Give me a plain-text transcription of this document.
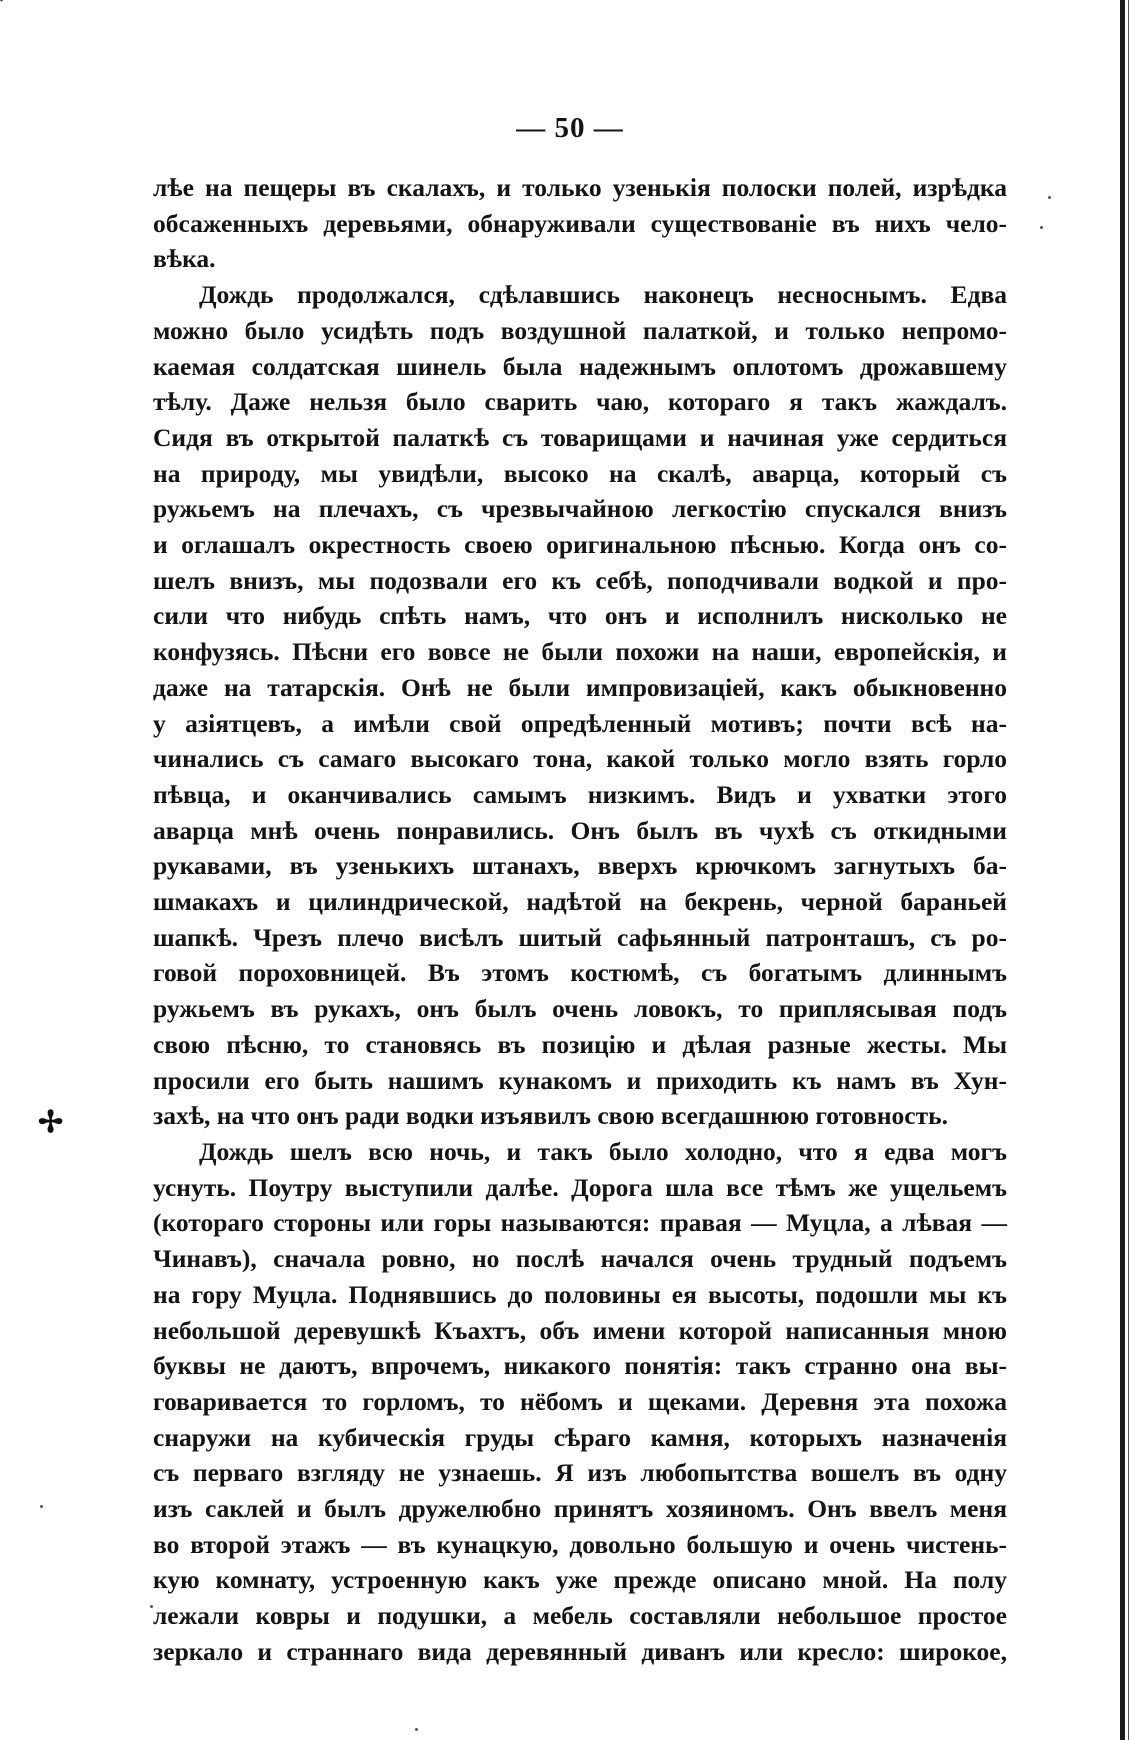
— 50 —
✢
лѣе на пещеры въ скалахъ, и только узенькія полоски полей, изрѣдка
обсаженныхъ деревьями, обнаруживали существованіе въ нихъ чело-
вѣка.
Дождь продолжался, сдѣлавшись наконецъ несноснымъ. Едва
можно было усидѣть подъ воздушной палаткой, и только непромо-
каемая солдатская шинель была надежнымъ оплотомъ дрожавшему
тѣлу. Даже нельзя было сварить чаю, котораго я такъ жаждалъ.
Сидя въ открытой палаткѣ съ товарищами и начиная уже сердиться
на природу, мы увидѣли, высоко на скалѣ, аварца, который съ
ружьемъ на плечахъ, съ чрезвычайною легкостію спускался внизъ
и оглашалъ окрестность своею оригинальною пѣснью. Когда онъ со-
шелъ внизъ, мы подозвали его къ себѣ, поподчивали водкой и про-
сили что нибудь спѣть намъ, что онъ и исполнилъ нисколько не
конфузясь. Пѣсни его вовсе не были похожи на наши, европейскія, и
даже на татарскія. Онѣ не были импровизацiей, какъ обыкновенно
у азіятцевъ, а имѣли свой опредѣленный мотивъ; почти всѣ на-
чинались съ самаго высокаго тона, какой только могло взять горло
пѣвца, и оканчивались самымъ низкимъ. Видъ и ухватки этого
аварца мнѣ очень понравились. Онъ былъ въ чухѣ съ откидными
рукавами, въ узенькихъ штанахъ, вверхъ крючкомъ загнутыхъ ба-
шмакахъ и цилиндрической, надѣтой на бекрень, черной бараньей
шапкѣ. Чрезъ плечо висѣлъ шитый сафьянный патронташъ, съ ро-
говой пороховницей. Въ этомъ костюмѣ, съ богатымъ длиннымъ
ружьемъ въ рукахъ, онъ былъ очень ловокъ, то приплясывая подъ
свою пѣсню, то становясь въ позицію и дѣлая разные жесты. Мы
просили его быть нашимъ кунакомъ и приходить къ намъ въ Хун-
захѣ, на что онъ ради водки изъявилъ свою всегдашнюю готовность.
Дождь шелъ всю ночь, и такъ было холодно, что я едва могъ
уснуть. Поутру выступили далѣе. Дорога шла все тѣмъ же ущельемъ
(котораго стороны или горы называются: правая — Муцла, а лѣвая —
Чинавъ), сначала ровно, но послѣ начался очень трудный подъемъ
на гору Муцла. Поднявшись до половины ея высоты, подошли мы къ
небольшой деревушкѣ Къахтъ, объ имени которой написанныя мною
буквы не даютъ, впрочемъ, никакого понятія: такъ странно она вы-
говаривается то горломъ, то нёбомъ и щеками. Деревня эта похожа
снаружи на кубическія груды сѣраго камня, которыхъ назначенія
съ перваго взгляду не узнаешь. Я изъ любопытства вошелъ въ одну
изъ саклей и былъ дружелюбно принятъ хозяиномъ. Онъ ввелъ меня
во второй этажъ — въ кунацкую, довольно большую и очень чистень-
кую комнату, устроенную какъ уже прежде описано мной. На полу
лежали ковры и подушки, а мебель составляли небольшое простое
зеркало и страннаго вида деревянный диванъ или кресло: широкое,
